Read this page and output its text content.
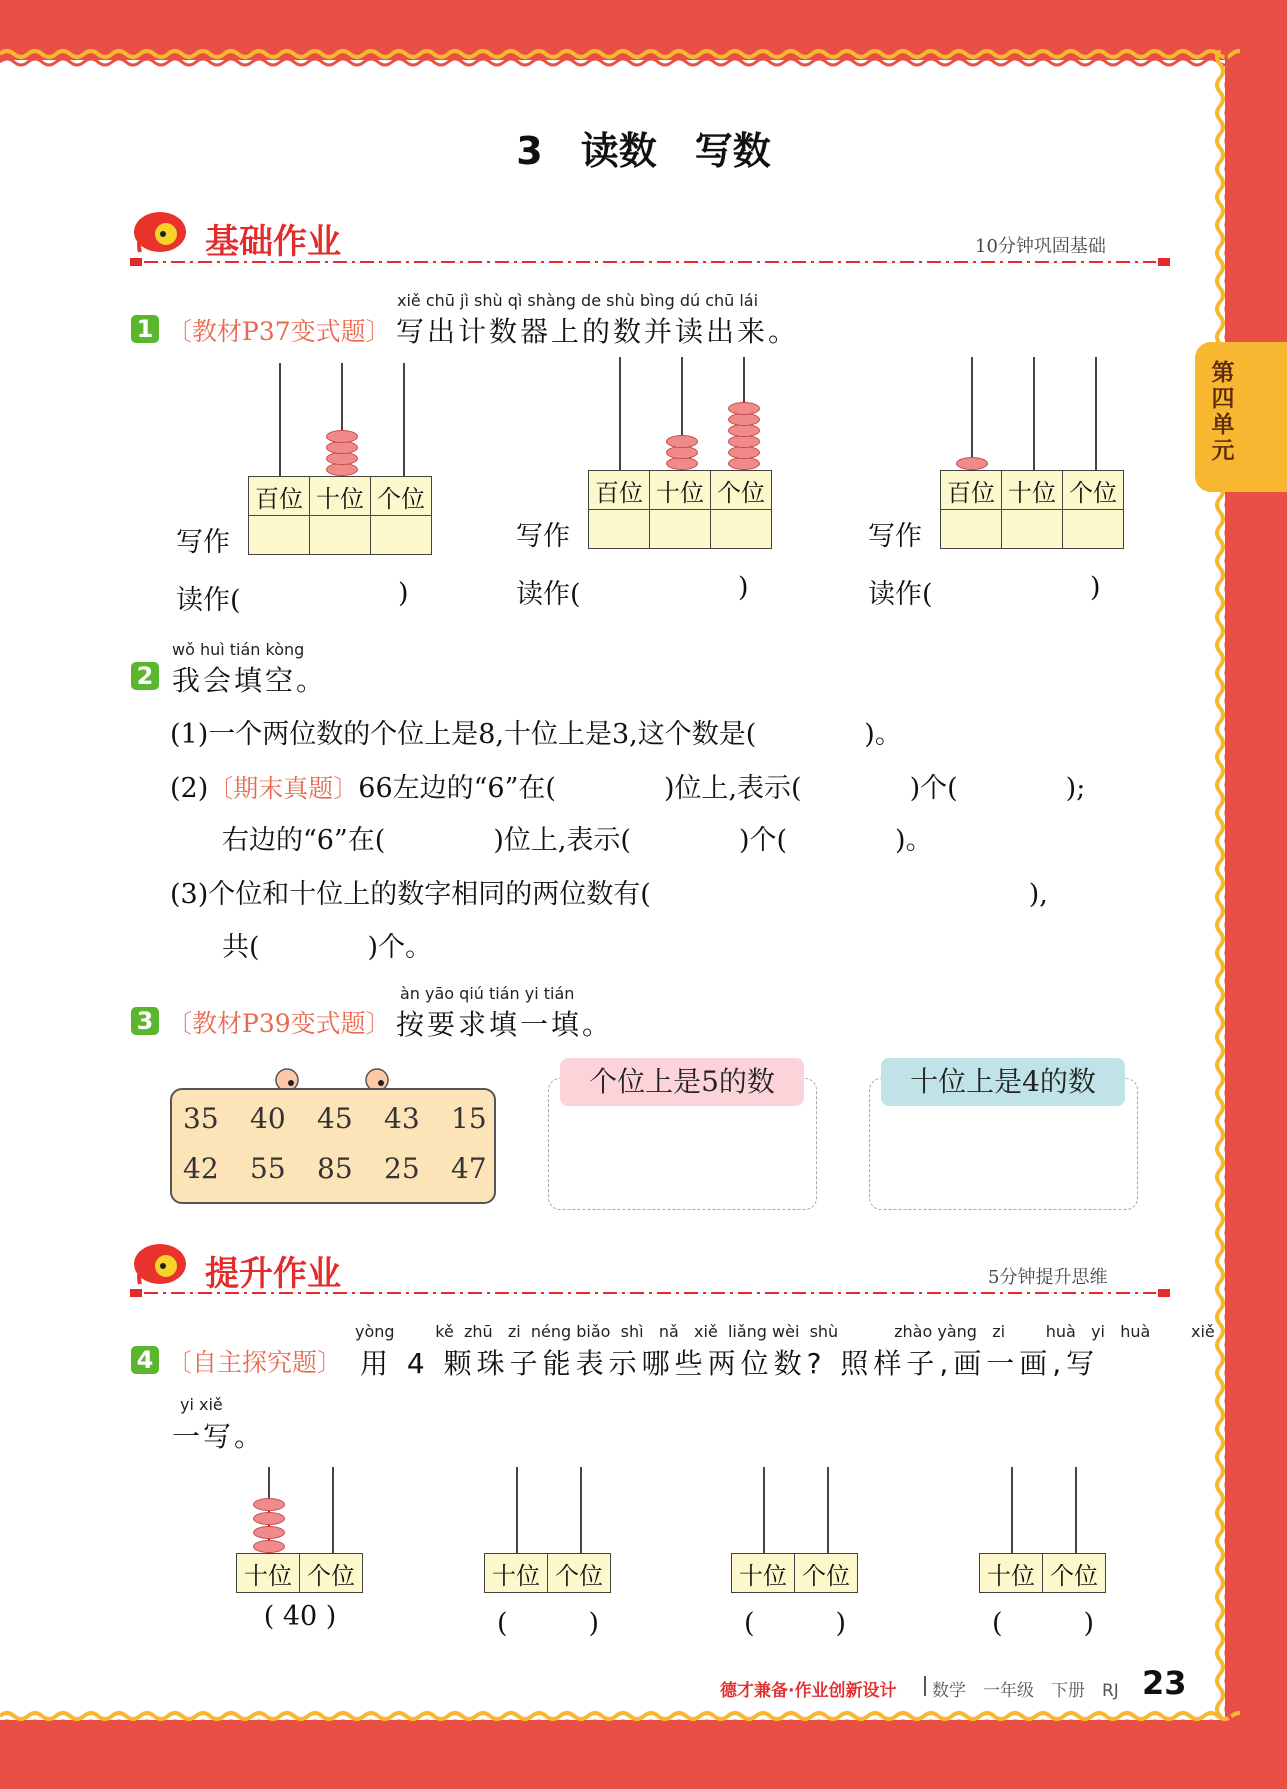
第四单元
3　读数　写数
基础作业	10分钟巩固基础
xiě chū jì shù qì shàng de shù bìng dú chū lái
1 〔教材P37变式题〕 写出计数器上的数并读出来。
百位	十位	个位

写作
读作(	)
百位	十位	个位

写作
读作(	)
百位	十位	个位

写作
读作(	)
wǒ huì tián kòng
2 我会填空。
(1)一个两位数的个位上是8,十位上是3,这个数是(　　　　)。
(2)〔期末真题〕66左边的“6”在(　　　　)位上,表示(　　　　)个(　　　　);
右边的“6”在(　　　　)位上,表示(　　　　)个(　　　　)。
(3)个位和十位上的数字相同的两位数有(　　　　　　　　　　　　　　),
共(　　　　)个。
àn yāo qiú tián yi tián
3 〔教材P39变式题〕 按要求填一填。
35 40 45 43 15
42 55 85 25 47
个位上是5的数	十位上是4的数
提升作业	5分钟提升思维
yòng        kě  zhū   zi  néng biǎo  shì   nǎ   xiě  liǎng wèi  shù           zhào yàng   zi        huà   yi   huà        xiě
4 〔自主探究题〕 用 4 颗珠子能表示哪些两位数? 照样子,画一画,写
yi xiě
一写。
十位	个位
( 40 )
十位	个位
(　　　)
十位	个位
(　　　)
十位	个位
(　　　)
德才兼备·作业创新设计 数学　一年级　下册　RJ 23
